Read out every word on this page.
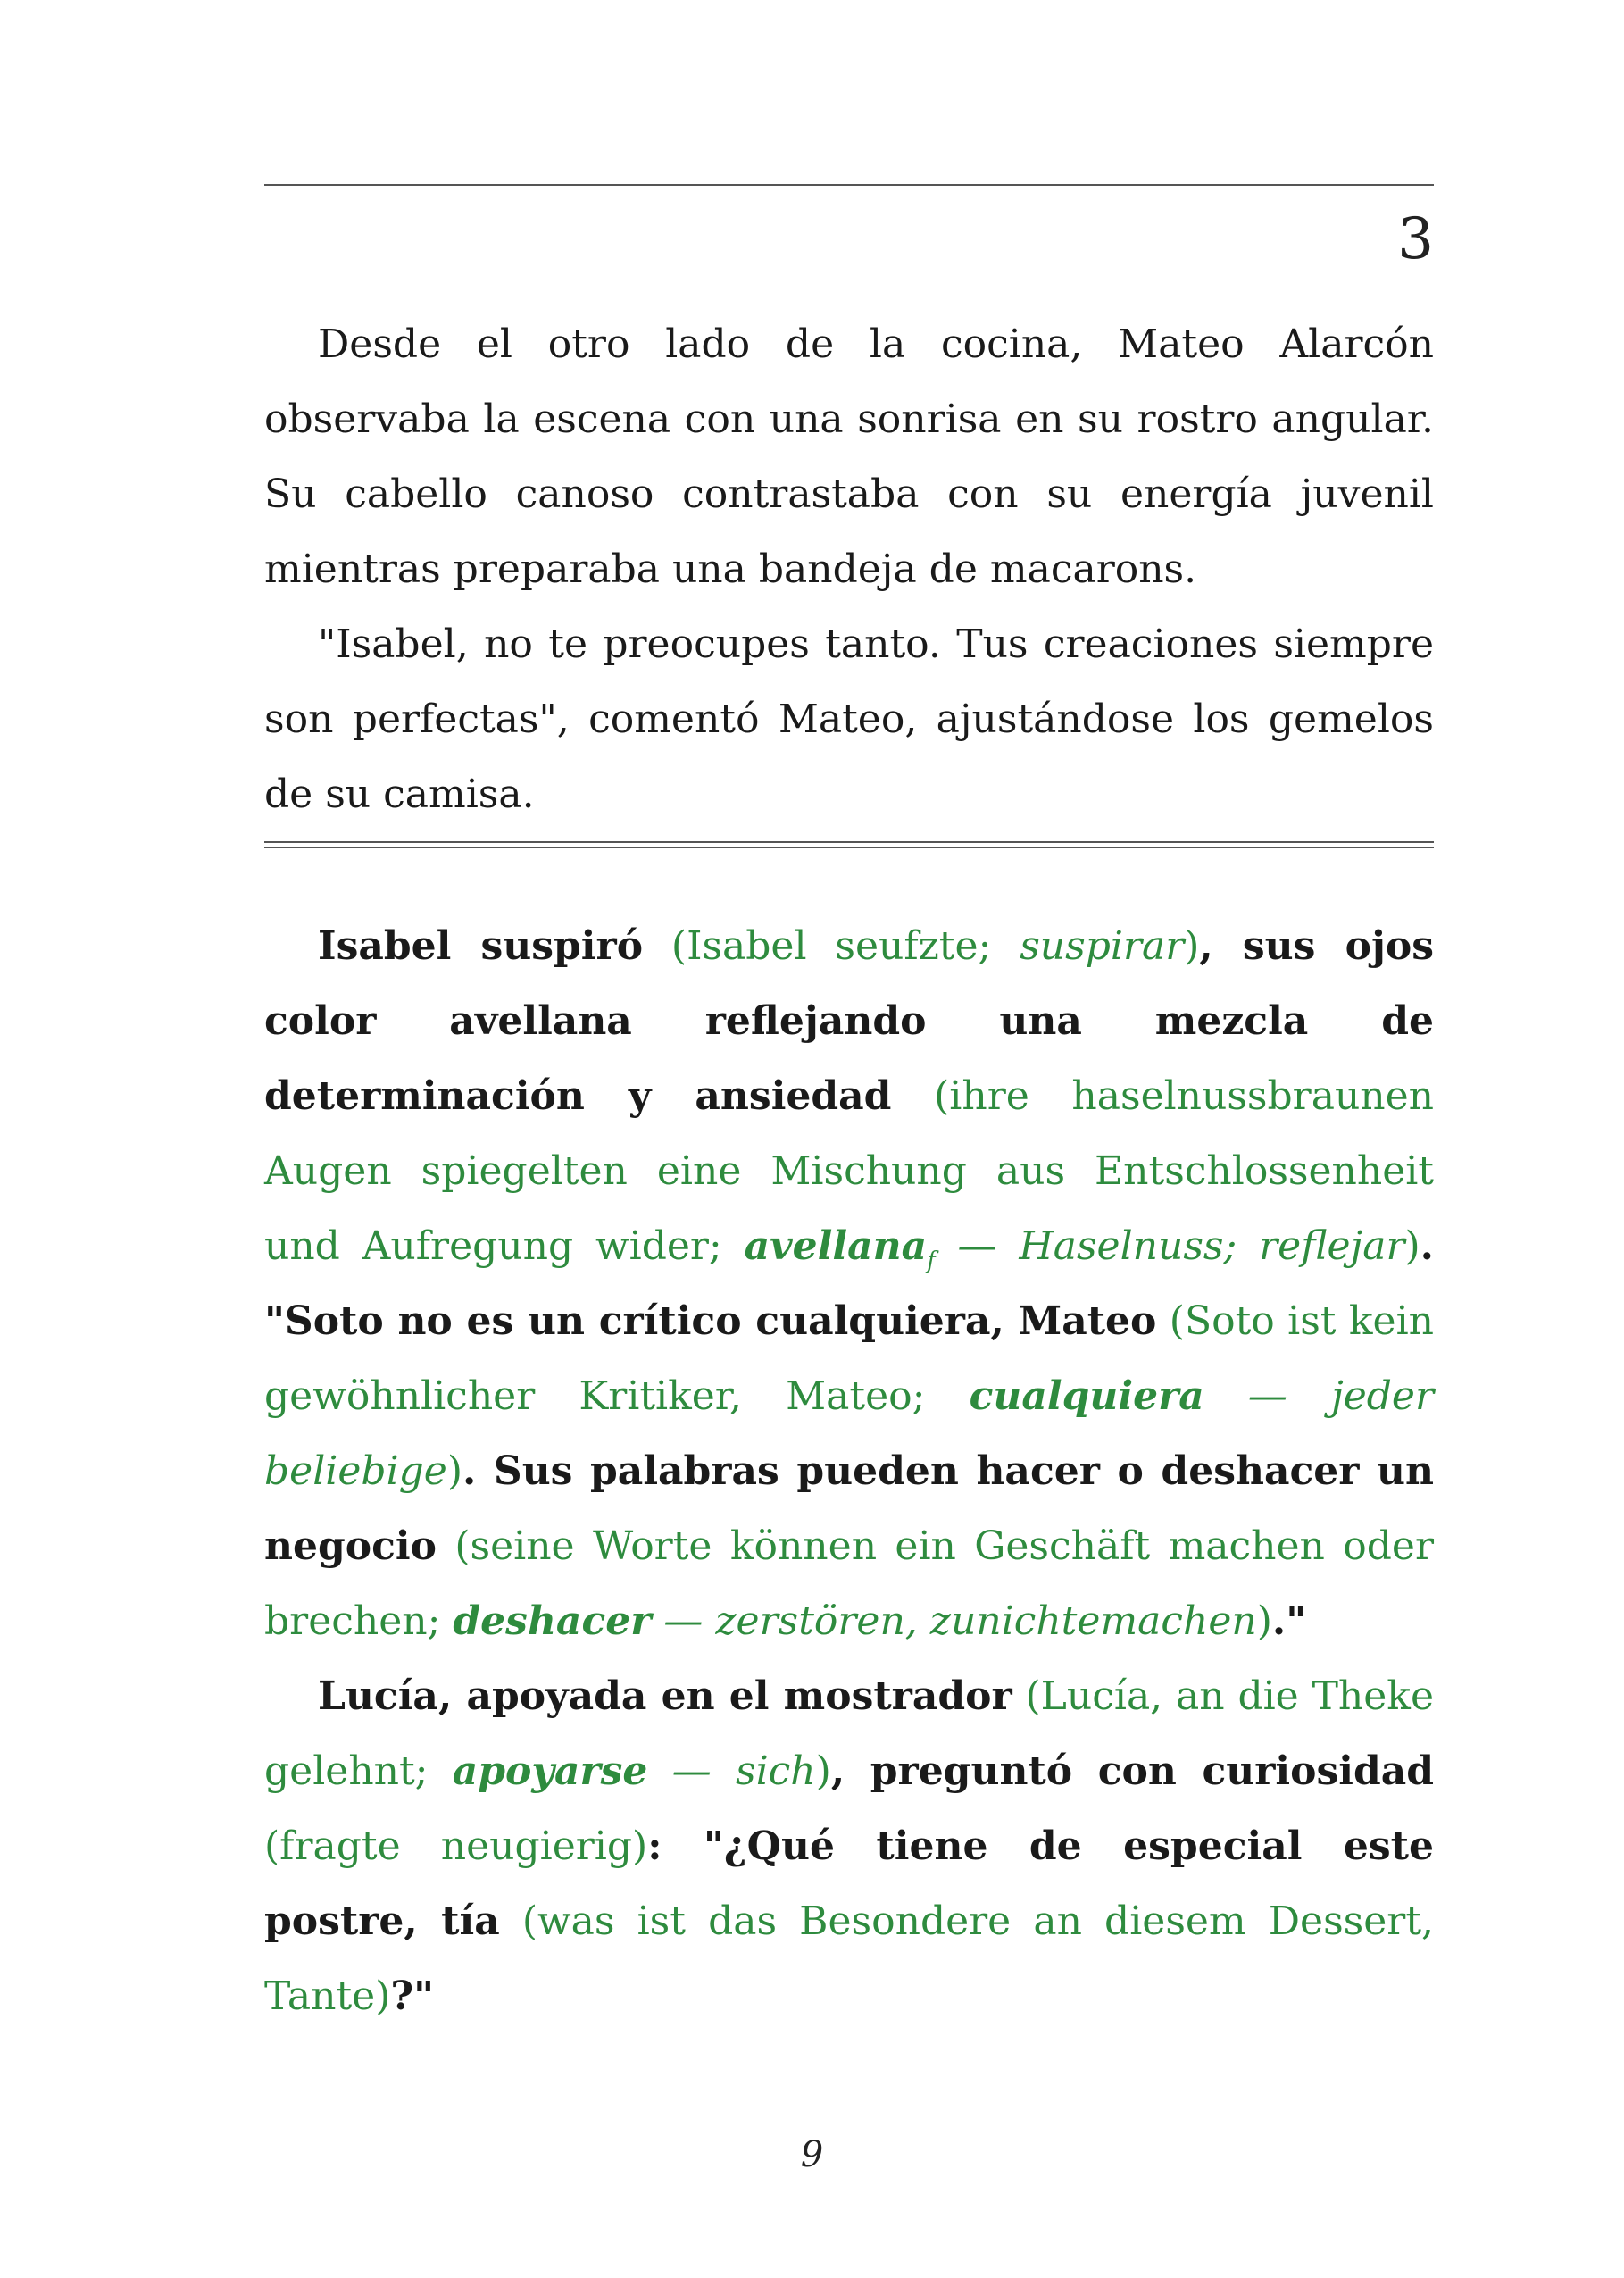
3

Desde el otro lado de la cocina, Mateo Alarcón observaba la escena con una sonrisa en su rostro angular. Su cabello canoso contrastaba con su energía juvenil mientras preparaba una bandeja de macarons.

"Isabel, no te preocupes tanto. Tus creaciones siempre son perfectas", comentó Mateo, ajustándose los gemelos de su camisa.

Isabel suspiró (Isabel seufzte; suspirar), sus ojos color avellana reflejando una mezcla de determinación y ansiedad (ihre haselnussbraunen Augen spiegelten eine Mischung aus Entschlossenheit und Aufregung wider; avellana$_f$ — Haselnuss; reflejar). "Soto no es un crítico cualquiera, Mateo (Soto ist kein gewöhnlicher Kritiker, Mateo; cualquiera — jeder beliebige). Sus palabras pueden hacer o deshacer un negocio (seine Worte können ein Geschäft machen oder brechen; deshacer — zerstören, zunichtemachen)."

Lucía, apoyada en el mostrador (Lucía, an die Theke gelehnt; apoyarse — sich), preguntó con curiosidad (fragte neugierig): "¿Qué tiene de especial este postre, tía (was ist das Besondere an diesem Dessert, Tante)?"

9
